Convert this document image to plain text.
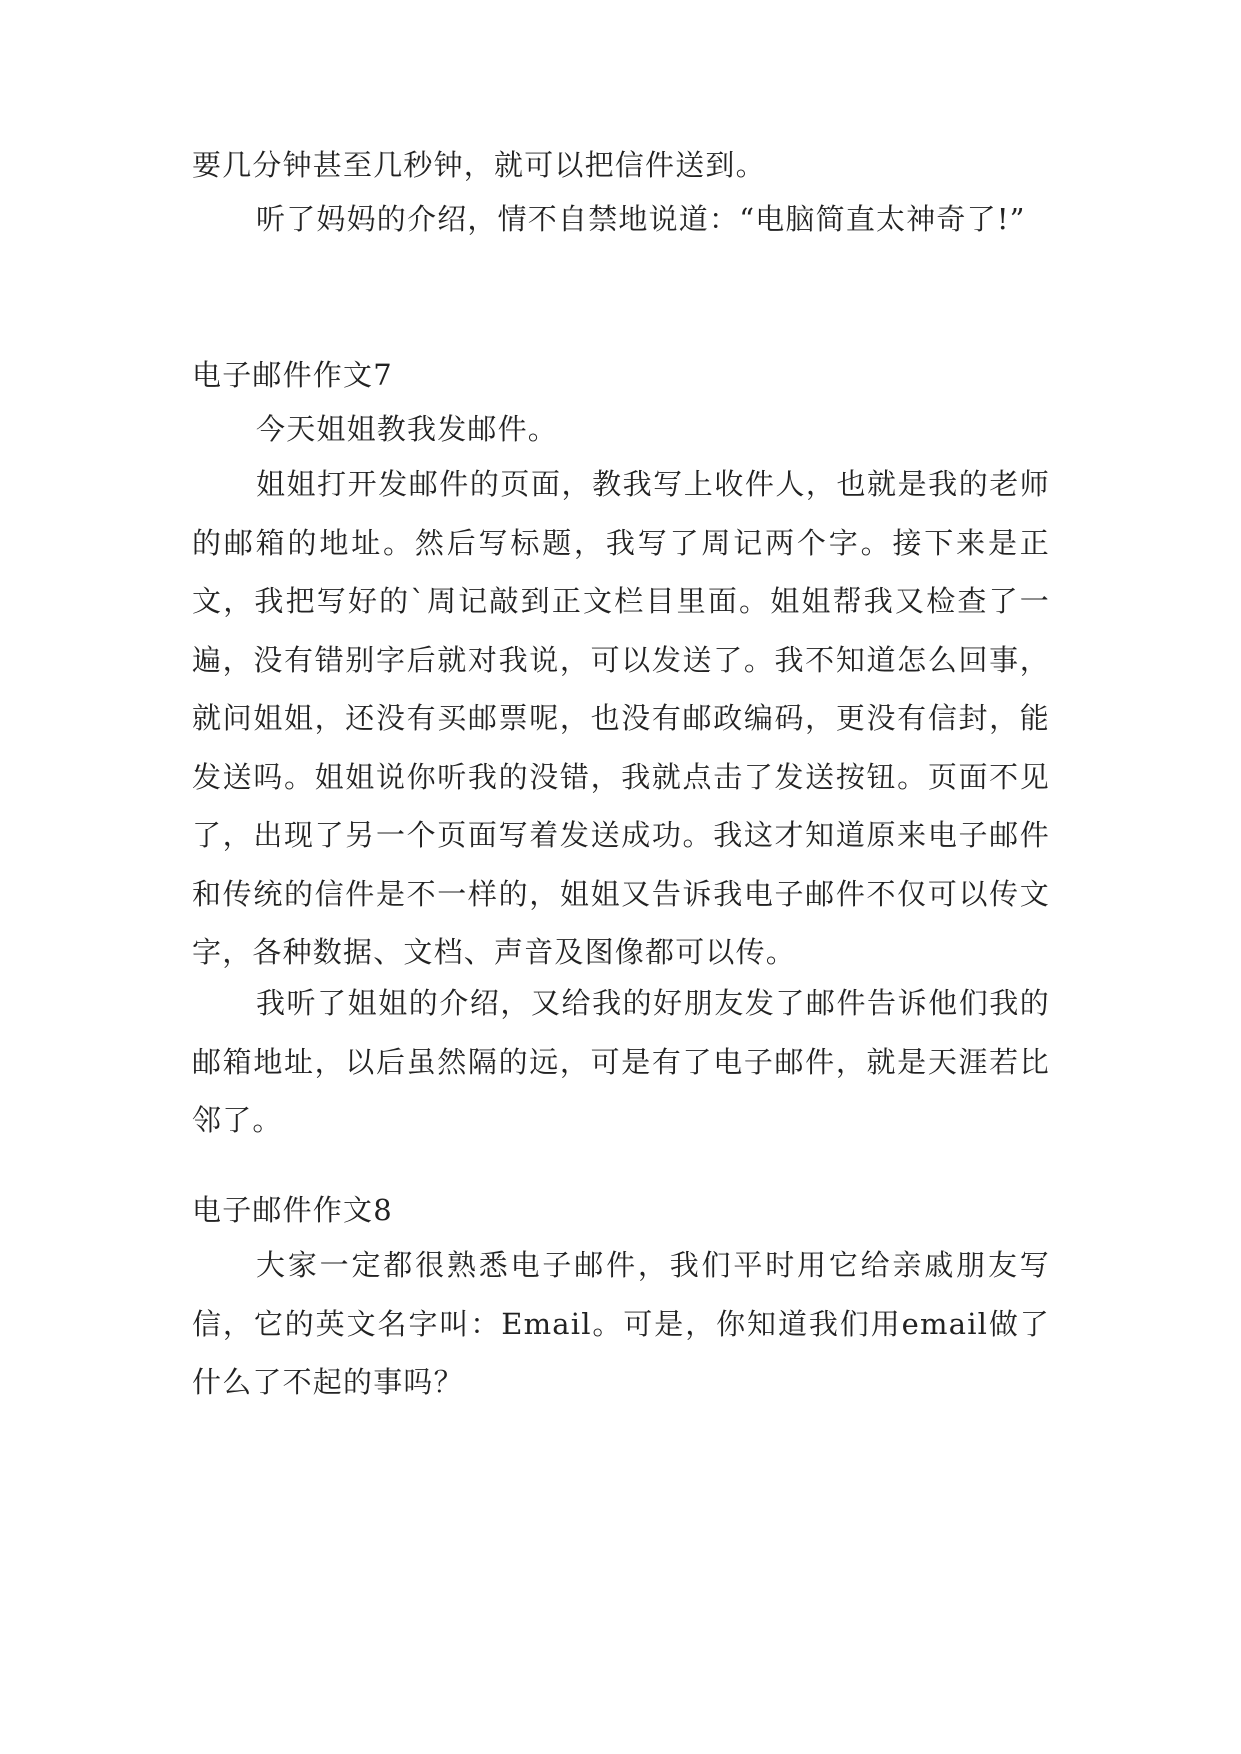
要几分钟甚至几秒钟，就可以把信件送到。

听了妈妈的介绍，情不自禁地说道：“电脑简直太神奇了!”

电子邮件作文7

今天姐姐教我发邮件。

姐姐打开发邮件的页面，教我写上收件人，也就是我的老师的邮箱的地址。然后写标题，我写了周记两个字。接下来是正文，我把写好的`周记敲到正文栏目里面。姐姐帮我又检查了一遍，没有错别字后就对我说，可以发送了。我不知道怎么回事，就问姐姐，还没有买邮票呢，也没有邮政编码，更没有信封，能发送吗。姐姐说你听我的没错，我就点击了发送按钮。页面不见了，出现了另一个页面写着发送成功。我这才知道原来电子邮件和传统的信件是不一样的，姐姐又告诉我电子邮件不仅可以传文字，各种数据、文档、声音及图像都可以传。

我听了姐姐的介绍，又给我的好朋友发了邮件告诉他们我的邮箱地址，以后虽然隔的远，可是有了电子邮件，就是天涯若比邻了。

电子邮件作文8

大家一定都很熟悉电子邮件，我们平时用它给亲戚朋友写信，它的英文名字叫：Email。可是，你知道我们用email做了什么了不起的事吗？
